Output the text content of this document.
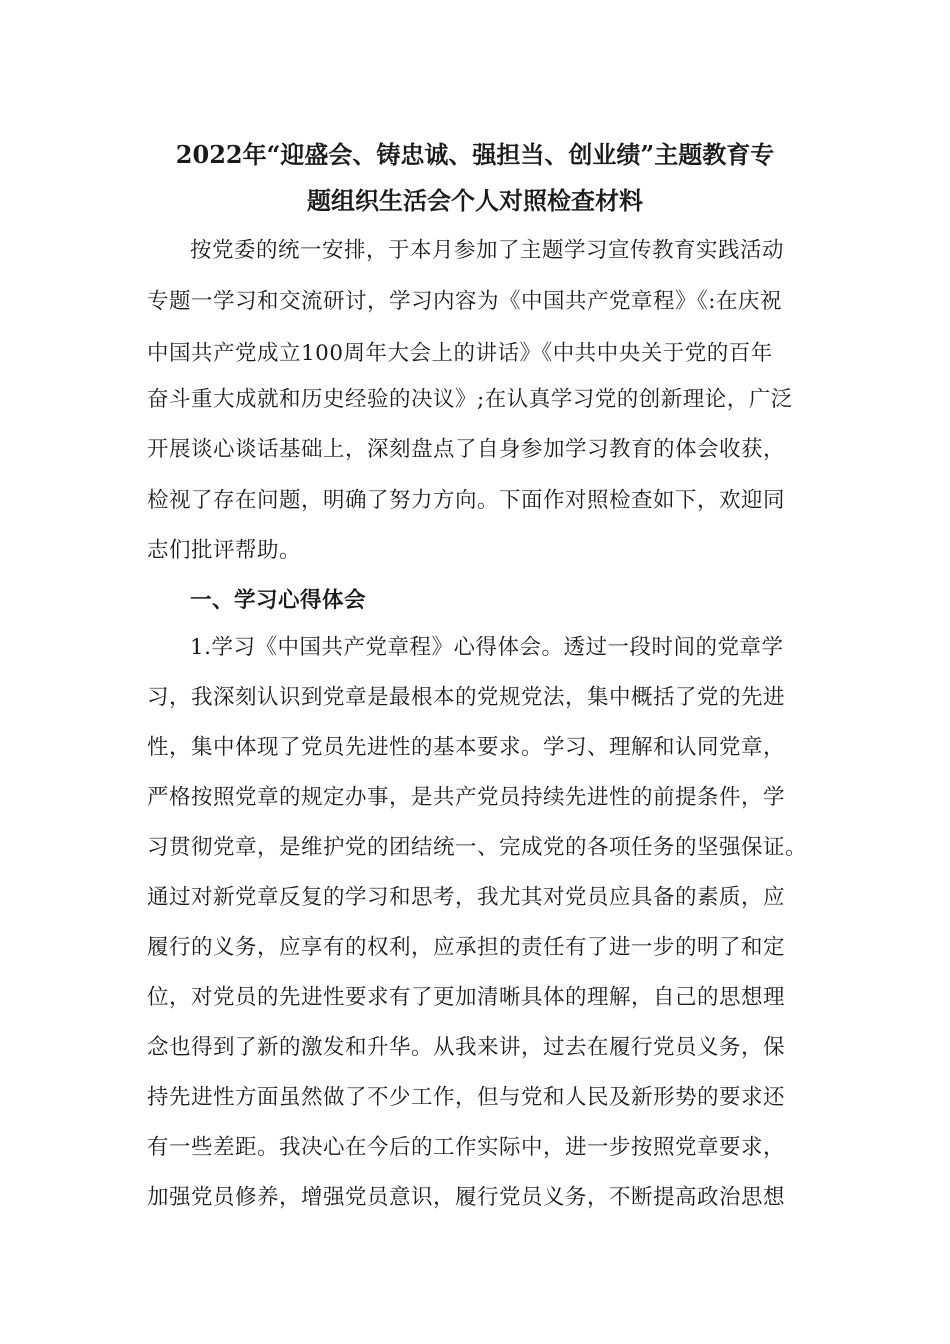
2022年“迎盛会、铸忠诚、强担当、创业绩”主题教育专
题组织生活会个人对照检查材料
按党委的统一安排，于本月参加了主题学习宣传教育实践活动
专题一学习和交流研讨，学习内容为《中国共产党章程》《:在庆祝
中国共产党成立100周年大会上的讲话》《中共中央关于党的百年
奋斗重大成就和历史经验的决议》;在认真学习党的创新理论，广泛
开展谈心谈话基础上，深刻盘点了自身参加学习教育的体会收获，
检视了存在问题，明确了努力方向。下面作对照检查如下，欢迎同
志们批评帮助。
一、学习心得体会
1.学习《中国共产党章程》心得体会。透过一段时间的党章学
习，我深刻认识到党章是最根本的党规党法，集中概括了党的先进
性，集中体现了党员先进性的基本要求。学习、理解和认同党章，
严格按照党章的规定办事，是共产党员持续先进性的前提条件，学
习贯彻党章，是维护党的团结统一、完成党的各项任务的坚强保证。
通过对新党章反复的学习和思考，我尤其对党员应具备的素质，应
履行的义务，应享有的权利，应承担的责任有了进一步的明了和定
位，对党员的先进性要求有了更加清晰具体的理解，自己的思想理
念也得到了新的激发和升华。从我来讲，过去在履行党员义务，保
持先进性方面虽然做了不少工作，但与党和人民及新形势的要求还
有一些差距。我决心在今后的工作实际中，进一步按照党章要求，
加强党员修养，增强党员意识，履行党员义务，不断提高政治思想
